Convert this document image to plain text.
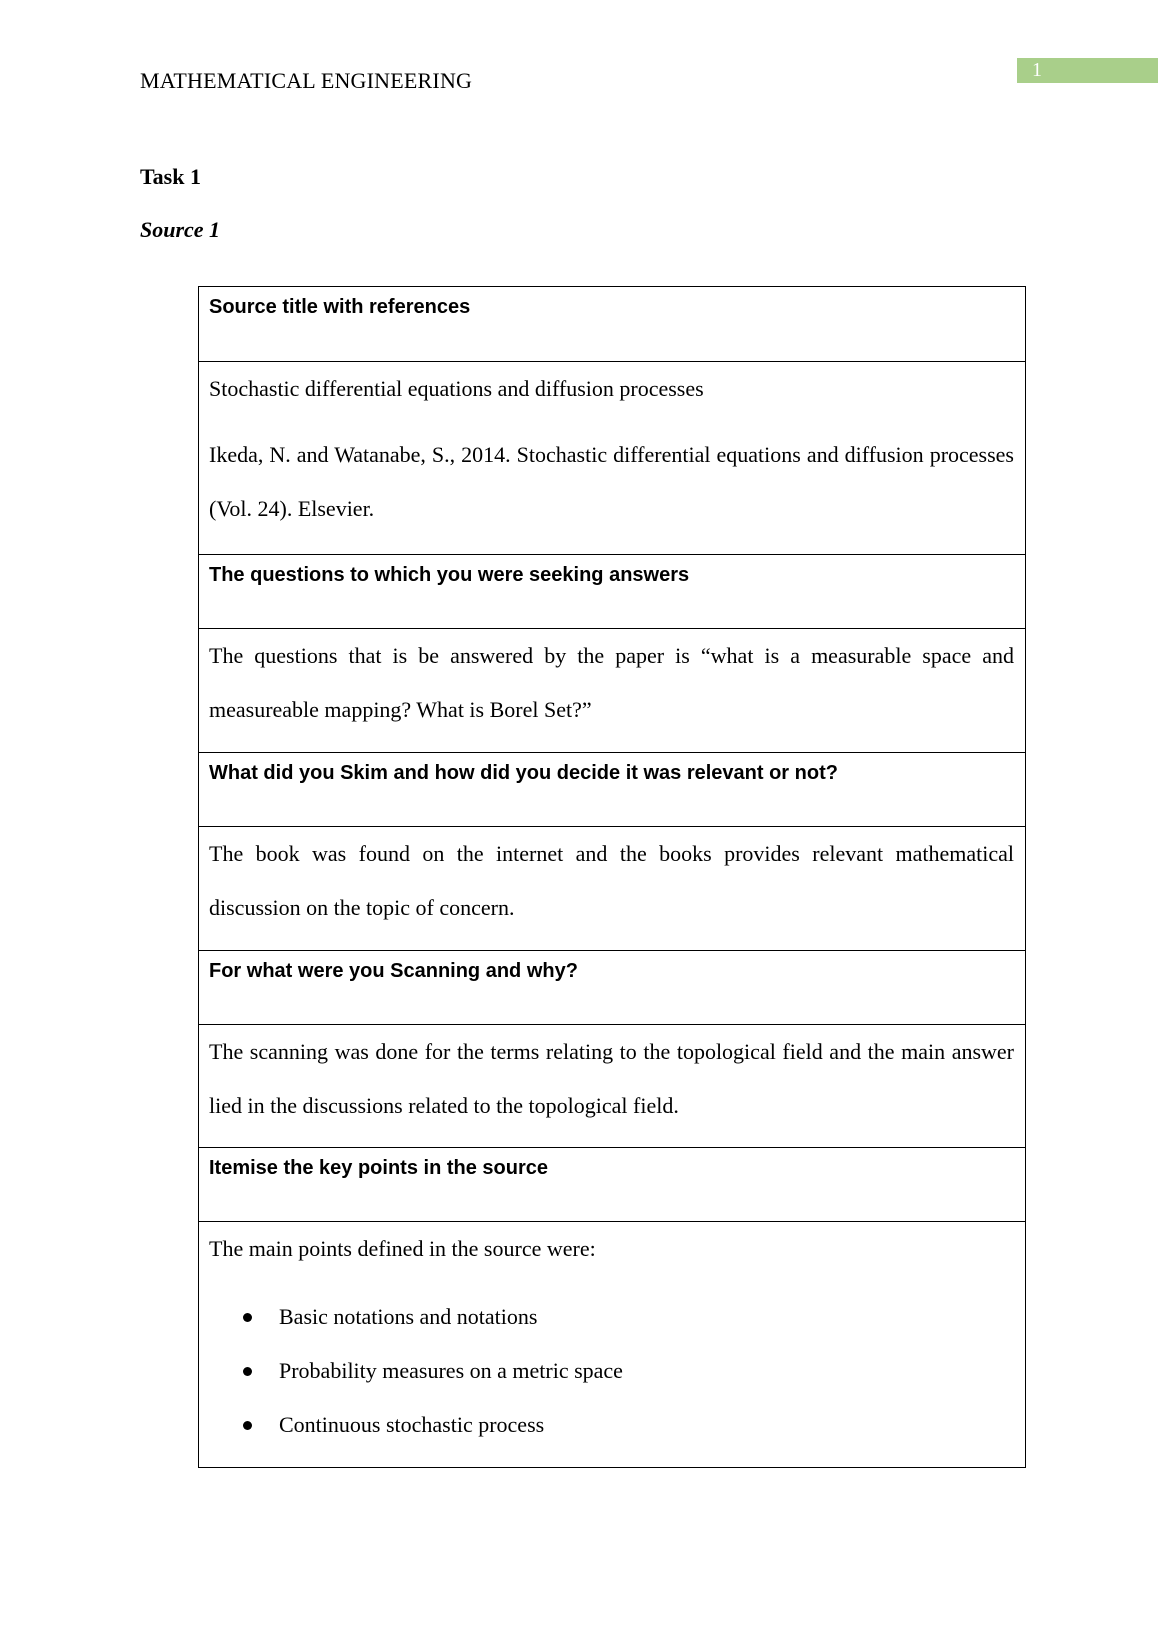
MATHEMATICAL ENGINEERING	1
Task 1
Source 1
Source title with references

Stochastic differential equations and diffusion processes

Ikeda, N. and Watanabe, S., 2014. Stochastic differential equations and diffusion processes (Vol. 24). Elsevier.

The questions to which you were seeking answers

The questions that is be answered by the paper is “what is a measurable space and measureable mapping? What is Borel Set?”

What did you Skim and how did you decide it was relevant or not?

The book was found on the internet and the books provides relevant mathematical discussion on the topic of concern.

For what were you Scanning and why?

The scanning was done for the terms relating to the topological field and the main answer lied in the discussions related to the topological field.

Itemise the key points in the source

The main points defined in the source were:

Basic notations and notations
Probability measures on a metric space
Continuous stochastic process
